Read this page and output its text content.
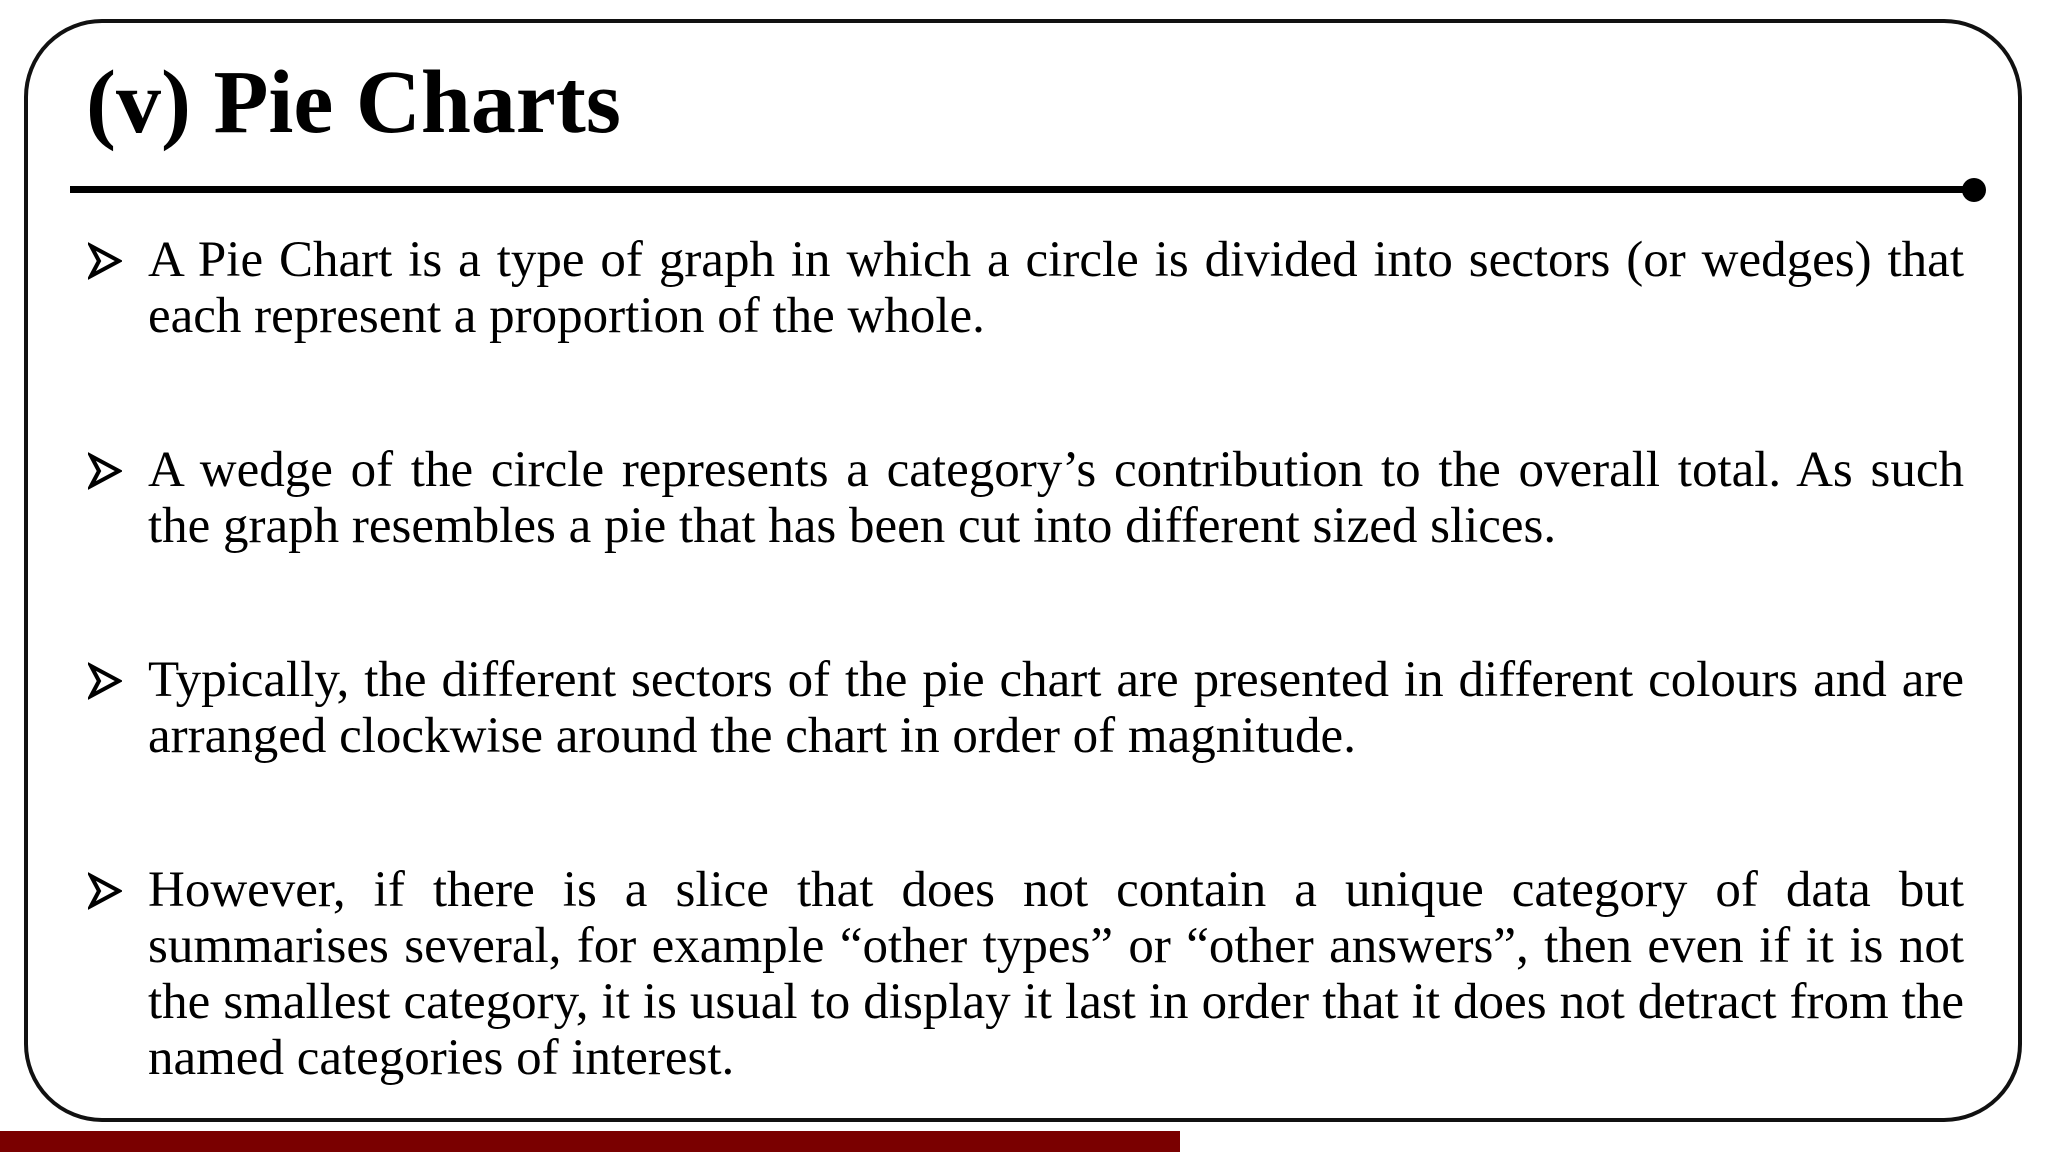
(v) Pie Charts

A Pie Chart is a type of graph in which a circle is divided into sectors (or wedges) that each represent a proportion of the whole.

A wedge of the circle represents a category’s contribution to the overall total. As such the graph resembles a pie that has been cut into different sized slices.

Typically, the different sectors of the pie chart are presented in different colours and are arranged clockwise around the chart in order of magnitude.

However, if there is a slice that does not contain a unique category of data but summarises several, for example “other types” or “other answers”, then even if it is not the smallest category, it is usual to display it last in order that it does not detract from the named categories of interest.
